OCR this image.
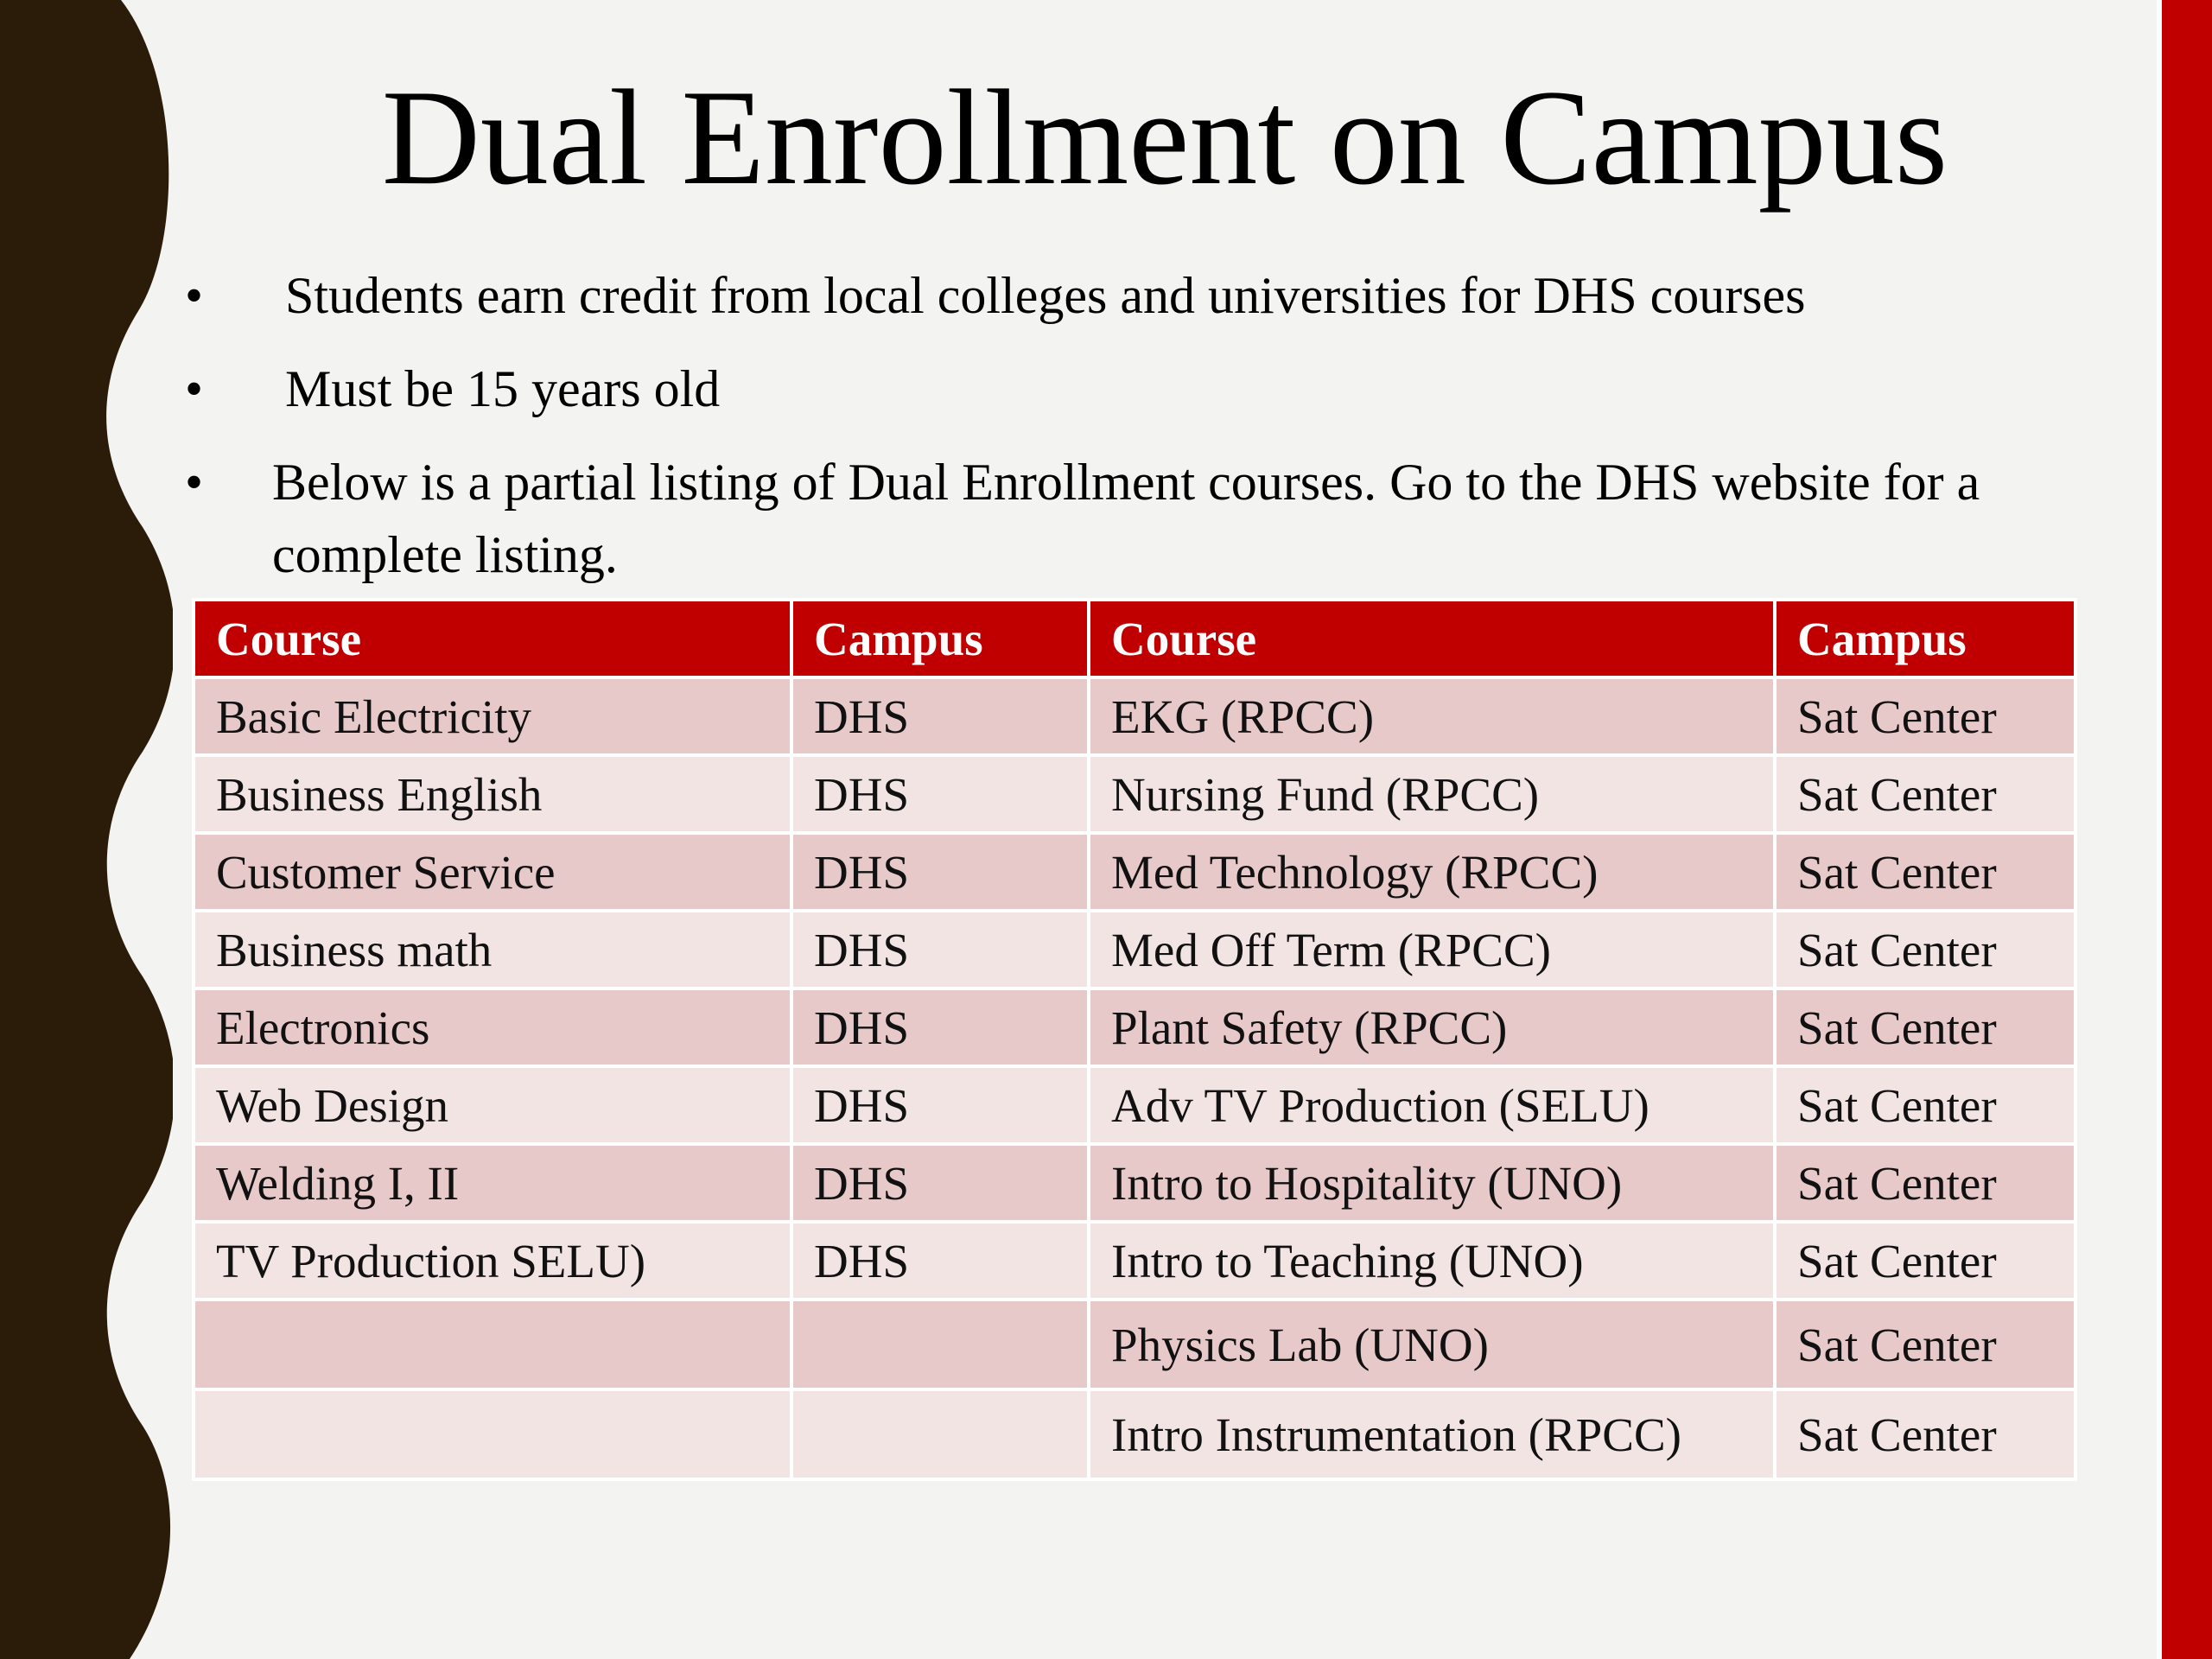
Dual Enrollment on Campus
• Students earn credit from local colleges and universities for DHS courses
• Must be 15 years old
• Below is a partial listing of Dual Enrollment courses. Go to the DHS website for a complete listing.
Course	Campus	Course	Campus
Basic Electricity	DHS	EKG (RPCC)	Sat Center
Business English	DHS	Nursing Fund (RPCC)	Sat Center
Customer Service	DHS	Med Technology (RPCC)	Sat Center
Business math	DHS	Med Off Term (RPCC)	Sat Center
Electronics	DHS	Plant Safety (RPCC)	Sat Center
Web Design	DHS	Adv TV Production (SELU)	Sat Center
Welding I, II	DHS	Intro to Hospitality (UNO)	Sat Center
TV Production SELU)	DHS	Intro to Teaching (UNO)	Sat Center
		Physics Lab (UNO)	Sat Center
		Intro Instrumentation (RPCC)	Sat Center
